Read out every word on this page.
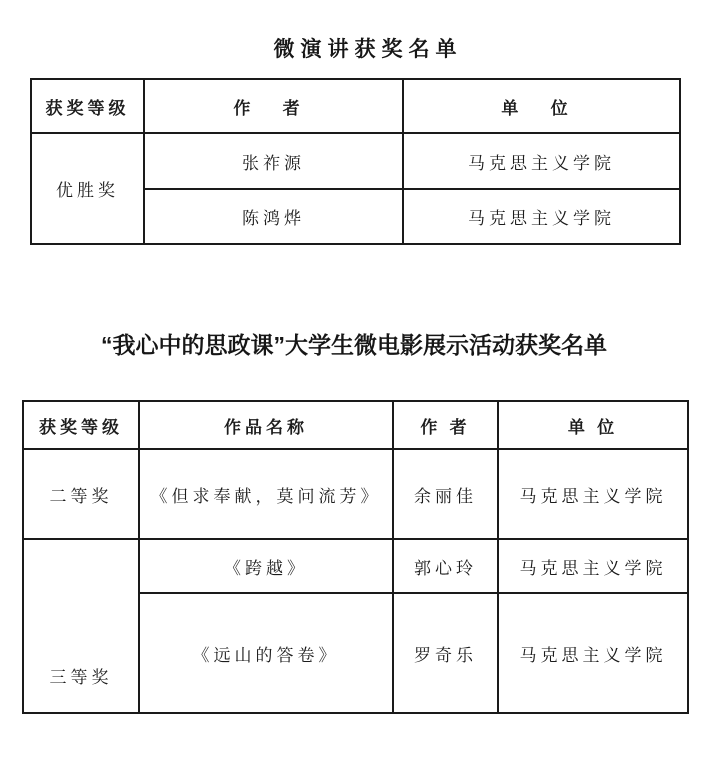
微演讲获奖名单
获奖等级	作 者	单 位
优胜奖	张祚源	马克思主义学院
	陈鸿烨	马克思主义学院
“我心中的思政课”大学生微电影展示活动获奖名单
获奖等级	作品名称	作 者	单 位
二等奖	《但求奉献，莫问流芳》	余丽佳	马克思主义学院
三等奖	《跨越》	郭心玲	马克思主义学院
	《远山的答卷》	罗奇乐	马克思主义学院
